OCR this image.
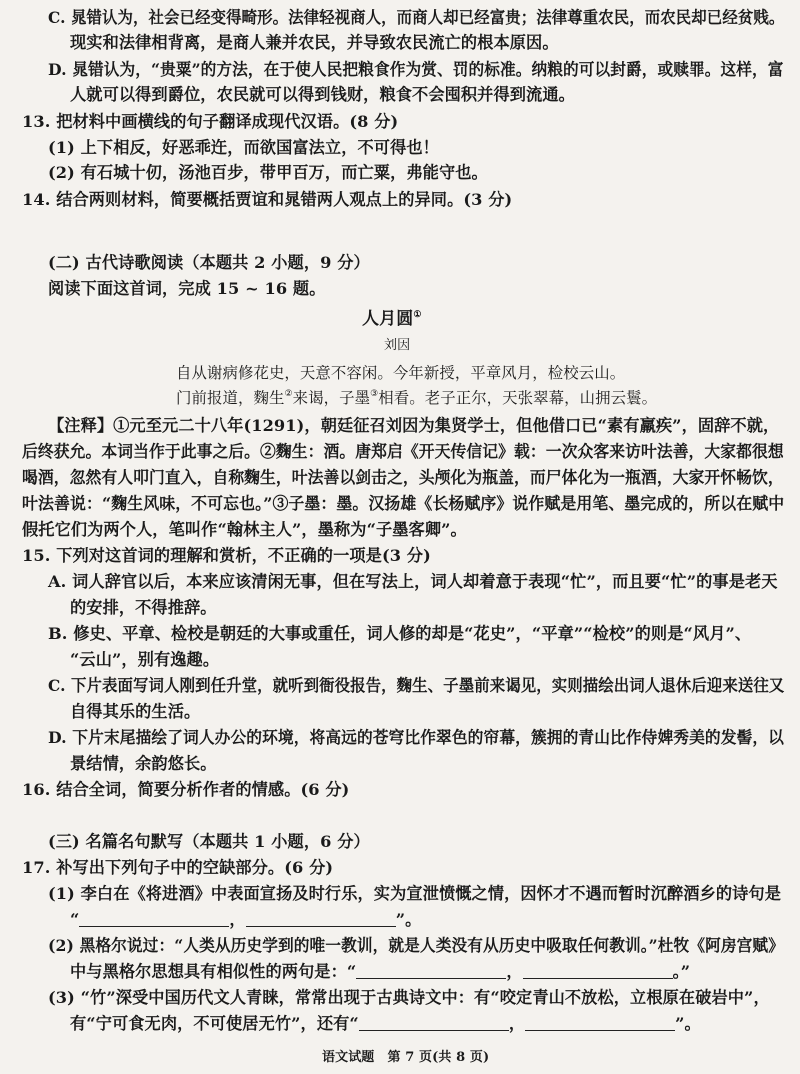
C. 晁错认为，社会已经变得畸形。法律轻视商人，而商人却已经富贵；法律尊重农民，而农民却已经贫贱。
现实和法律相背离，是商人兼并农民，并导致农民流亡的根本原因。
D. 晁错认为，“贵粟”的方法，在于使人民把粮食作为赏、罚的标准。纳粮的可以封爵，或赎罪。这样，富
人就可以得到爵位，农民就可以得到钱财，粮食不会囤积并得到流通。
13. 把材料中画横线的句子翻译成现代汉语。(8 分)
(1) 上下相反，好恶乖迕，而欲国富法立，不可得也！
(2) 有石城十仞，汤池百步，带甲百万，而亡粟，弗能守也。
14. 结合两则材料，简要概括贾谊和晁错两人观点上的异同。(3 分)
(二) 古代诗歌阅读（本题共 2 小题，9 分）
阅读下面这首词，完成 15 ~ 16 题。
人月圆①
刘因
自从谢病修花史，天意不容闲。今年新授，平章风月，检校云山。
门前报道，麴生②来谒，子墨③相看。老子正尔，天张翠幕，山拥云鬟。
【注释】①元至元二十八年(1291)，朝廷征召刘因为集贤学士，但他借口已“素有羸疾”，固辞不就，
后终获允。本词当作于此事之后。②麴生：酒。唐郑启《开天传信记》载：一次众客来访叶法善，大家都很想
喝酒，忽然有人叩门直入，自称麴生，叶法善以剑击之，头颅化为瓶盖，而尸体化为一瓶酒，大家开怀畅饮，
叶法善说：“麴生风味，不可忘也。”③子墨：墨。汉扬雄《长杨赋序》说作赋是用笔、墨完成的，所以在赋中
假托它们为两个人，笔叫作“翰林主人”，墨称为“子墨客卿”。
15. 下列对这首词的理解和赏析，不正确的一项是(3 分)
A. 词人辞官以后，本来应该清闲无事，但在写法上，词人却着意于表现“忙”，而且要“忙”的事是老天
的安排，不得推辞。
B. 修史、平章、检校是朝廷的大事或重任，词人修的却是“花史”，“平章”“检校”的则是“风月”、
“云山”，别有逸趣。
C. 下片表面写词人刚到任升堂，就听到衙役报告，麴生、子墨前来谒见，实则描绘出词人退休后迎来送往又
自得其乐的生活。
D. 下片末尾描绘了词人办公的环境，将高远的苍穹比作翠色的帘幕，簇拥的青山比作侍婢秀美的发髻，以
景结情，余韵悠长。
16. 结合全词，简要分析作者的情感。(6 分)
(三) 名篇名句默写（本题共 1 小题，6 分）
17. 补写出下列句子中的空缺部分。(6 分)
(1) 李白在《将进酒》中表面宣扬及时行乐，实为宣泄愤慨之情，因怀才不遇而暂时沉醉酒乡的诗句是
“	，	”。
(2) 黑格尔说过：“人类从历史学到的唯一教训，就是人类没有从历史中吸取任何教训。”杜牧《阿房宫赋》
中与黑格尔思想具有相似性的两句是：“	，	。”
(3) “竹”深受中国历代文人青睐，常常出现于古典诗文中：有“咬定青山不放松，立根原在破岩中”，
有“宁可食无肉，不可使居无竹”，还有“	，	”。
语文试题　第 7 页(共 8 页)
